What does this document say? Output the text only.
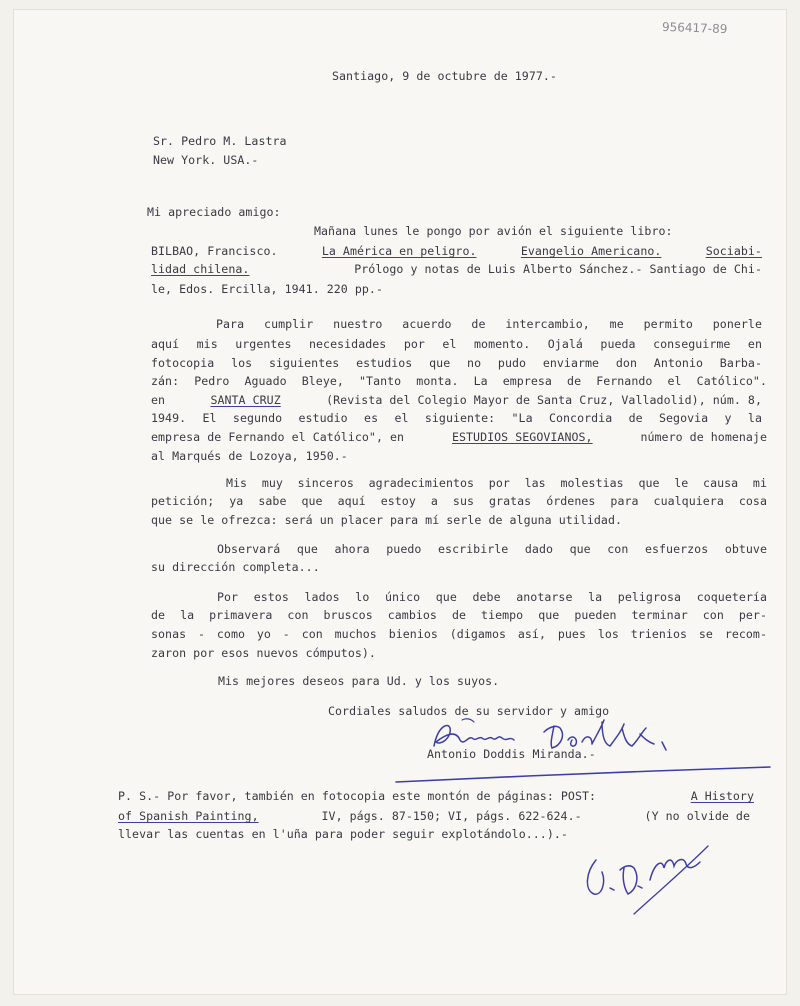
956417-89
Santiago, 9 de octubre de 1977.-
Sr. Pedro M. Lastra
New York. USA.-
Mi apreciado amigo:
Mañana lunes le pongo por avión el siguiente libro:
BILBAO, Francisco.	La América en peligro.	Evangelio Americano.	Sociabi-
lidad chilena.	Prólogo y notas de Luis Alberto Sánchez.- Santiago de Chi-
le, Edos. Ercilla, 1941. 220 pp.-
Para cumplir nuestro acuerdo de intercambio, me permito ponerle
aquí mis urgentes necesidades por el momento. Ojalá pueda conseguirme en
fotocopia los siguientes estudios que no pudo enviarme don Antonio Barba-
zán: Pedro Aguado Bleye, "Tanto monta. La empresa de Fernando el Católico".
en	SANTA CRUZ	(Revista del Colegio Mayor de Santa Cruz, Valladolid), núm. 8,
1949. El segundo estudio es el siguiente: "La Concordia de Segovia y la
empresa de Fernando el Católico", en	ESTUDIOS SEGOVIANOS,	número de homenaje
al Marqués de Lozoya, 1950.-
Mis muy sinceros agradecimientos por las molestias que le causa mi
petición; ya sabe que aquí estoy a sus gratas órdenes para cualquiera cosa
que se le ofrezca: será un placer para mí serle de alguna utilidad.
Observará que ahora puedo escribirle dado que con esfuerzos obtuve
su dirección completa...
Por estos lados lo único que debe anotarse la peligrosa coquetería
de la primavera con bruscos cambios de tiempo que pueden terminar con per-
sonas - como yo - con muchos bienios (digamos así, pues los trienios se recom-
zaron por esos nuevos cómputos).
Mis mejores deseos para Ud. y los suyos.
Cordiales saludos de su servidor y amigo
Antonio Doddis Miranda.-
P. S.- Por favor, también en fotocopia este montón de páginas: POST:	A History
of Spanish Painting,	IV, págs. 87-150; VI, págs. 622-624.-	(Y no olvide de
llevar las cuentas en l'uña para poder seguir explotándolo...).-
